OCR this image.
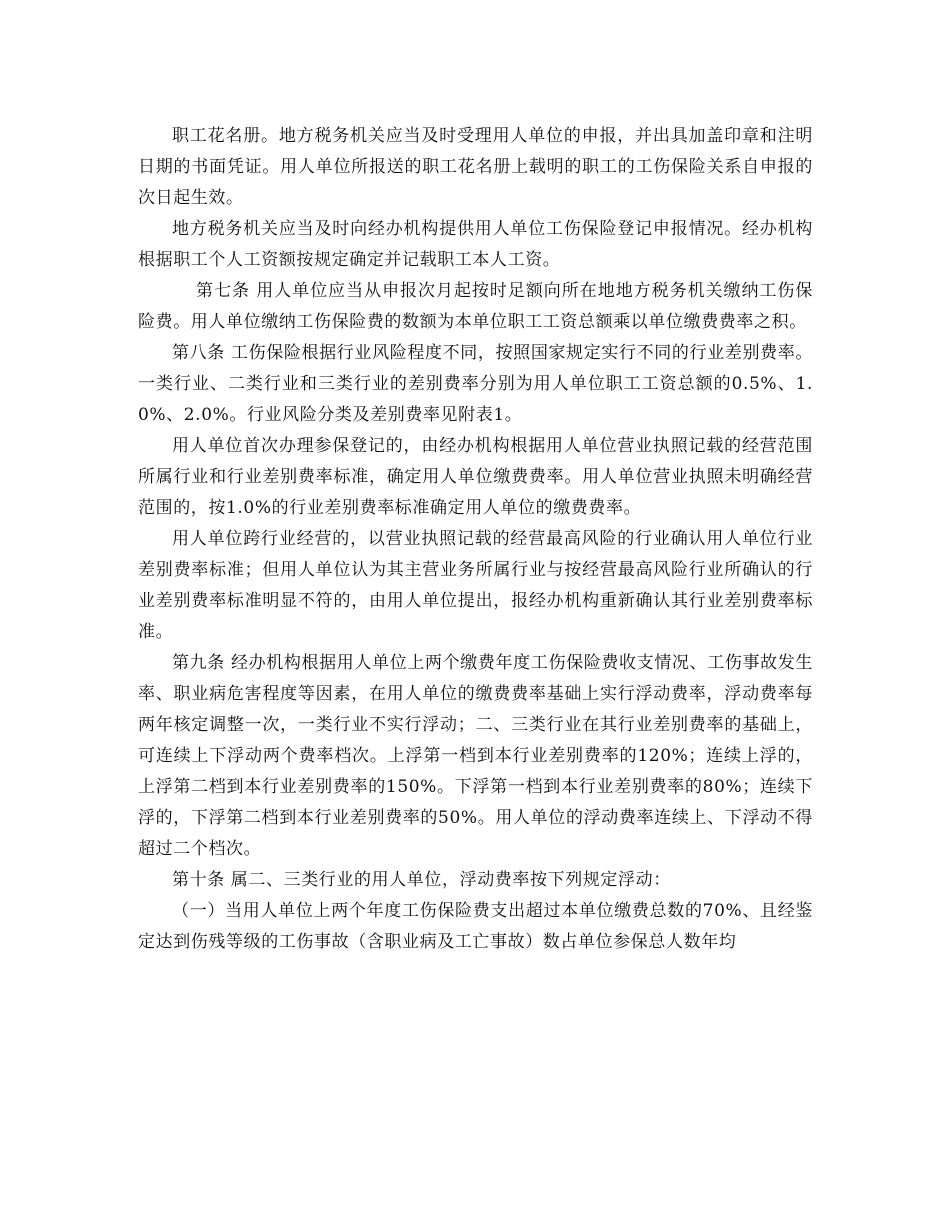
职工花名册。地方税务机关应当及时受理用人单位的申报，并出具加盖印章和注明日期的书面凭证。用人单位所报送的职工花名册上载明的职工的工伤保险关系自申报的次日起生效。

地方税务机关应当及时向经办机构提供用人单位工伤保险登记申报情况。经办机构根据职工个人工资额按规定确定并记载职工本人工资。

第七条 用人单位应当从申报次月起按时足额向所在地地方税务机关缴纳工伤保险费。用人单位缴纳工伤保险费的数额为本单位职工工资总额乘以单位缴费费率之积。

第八条 工伤保险根据行业风险程度不同，按照国家规定实行不同的行业差别费率。一类行业、二类行业和三类行业的差别费率分别为用人单位职工工资总额的0.5%、1.0%、2.0%。行业风险分类及差别费率见附表1。

用人单位首次办理参保登记的，由经办机构根据用人单位营业执照记载的经营范围所属行业和行业差别费率标准，确定用人单位缴费费率。用人单位营业执照未明确经营范围的，按1.0%的行业差别费率标准确定用人单位的缴费费率。

用人单位跨行业经营的，以营业执照记载的经营最高风险的行业确认用人单位行业差别费率标准；但用人单位认为其主营业务所属行业与按经营最高风险行业所确认的行业差别费率标准明显不符的，由用人单位提出，报经办机构重新确认其行业差别费率标准。

第九条 经办机构根据用人单位上两个缴费年度工伤保险费收支情况、工伤事故发生率、职业病危害程度等因素，在用人单位的缴费费率基础上实行浮动费率，浮动费率每两年核定调整一次，一类行业不实行浮动；二、三类行业在其行业差别费率的基础上，可连续上下浮动两个费率档次。上浮第一档到本行业差别费率的120%；连续上浮的，上浮第二档到本行业差别费率的150%。下浮第一档到本行业差别费率的80%；连续下浮的，下浮第二档到本行业差别费率的50%。用人单位的浮动费率连续上、下浮动不得超过二个档次。

第十条 属二、三类行业的用人单位，浮动费率按下列规定浮动：

（一）当用人单位上两个年度工伤保险费支出超过本单位缴费总数的70%、且经鉴定达到伤残等级的工伤事故（含职业病及工亡事故）数占单位参保总人数年均
